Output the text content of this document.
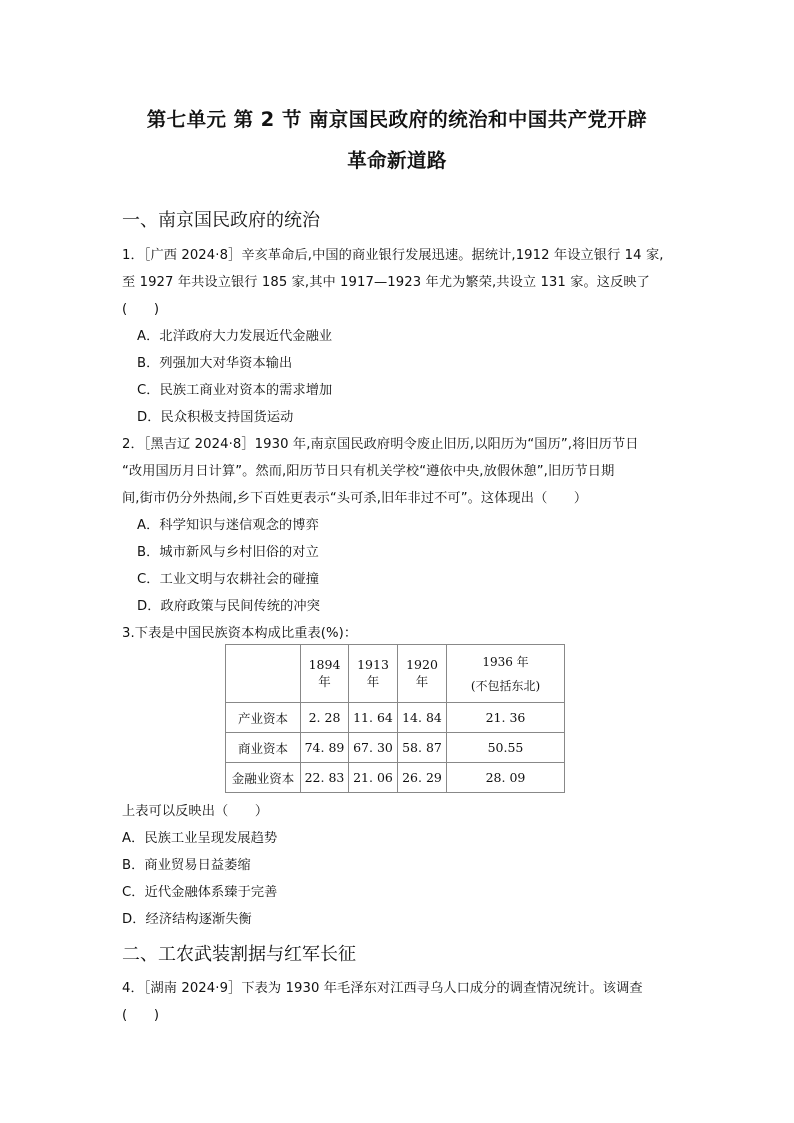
第七单元 第 2 节 南京国民政府的统治和中国共产党开辟
革命新道路
一、南京国民政府的统治
1．［广西 2024·8］辛亥革命后,中国的商业银行发展迅速。据统计,1912 年设立银行 14 家,
至 1927 年共设立银行 185 家,其中 1917—1923 年尤为繁荣,共设立 131 家。这反映了
(　　)
A．北洋政府大力发展近代金融业
B．列强加大对华资本输出
C．民族工商业对资本的需求增加
D．民众积极支持国货运动
2．［黑吉辽 2024·8］1930 年,南京国民政府明令废止旧历,以阳历为“国历”,将旧历节日
“改用国历月日计算”。然而,阳历节日只有机关学校“遵依中央,放假休憩”,旧历节日期
间,街市仍分外热闹,乡下百姓更表示“头可杀,旧年非过不可”。这体现出（　　）
A．科学知识与迷信观念的博弈
B．城市新风与乡村旧俗的对立
C．工业文明与农耕社会的碰撞
D．政府政策与民间传统的冲突
3.下表是中国民族资本构成比重表(%)：
	1894 年	1913 年	1920 年	1936 年
(不包括东北)

产业资本	2. 28	11. 64	14. 84	21. 36
商业资本	74. 89	67. 30	58. 87	50.55
金融业资本	22. 83	21. 06	26. 29	28. 09
上表可以反映出（　　）
A．民族工业呈现发展趋势
B．商业贸易日益萎缩
C．近代金融体系臻于完善
D．经济结构逐渐失衡
二、工农武装割据与红军长征
4．［湖南 2024·9］下表为 1930 年毛泽东对江西寻乌人口成分的调查情况统计。该调查
(　　)
